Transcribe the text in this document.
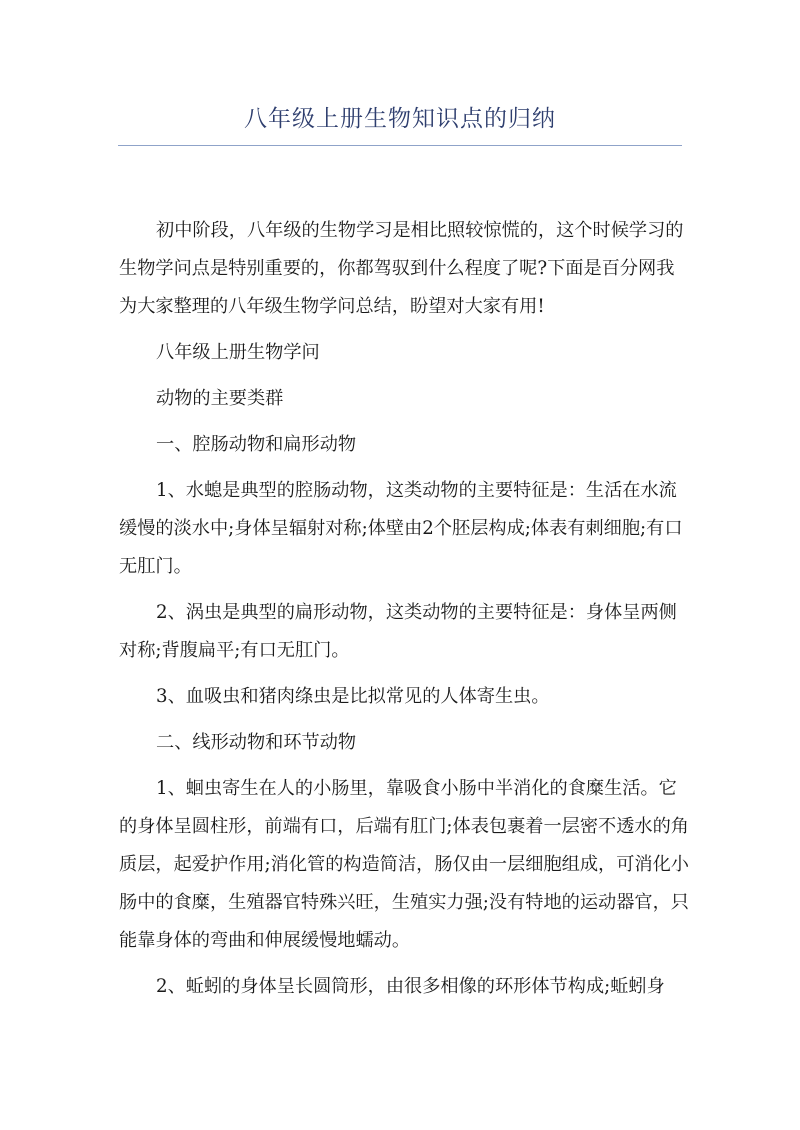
八年级上册生物知识点的归纳

初中阶段，八年级的生物学习是相比照较惊慌的，这个时候学习的生物学问点是特别重要的，你都驾驭到什么程度了呢?下面是百分网我为大家整理的八年级生物学问总结，盼望对大家有用!

八年级上册生物学问

动物的主要类群

一、腔肠动物和扁形动物

1、水螅是典型的腔肠动物，这类动物的主要特征是：生活在水流缓慢的淡水中;身体呈辐射对称;体壁由2个胚层构成;体表有刺细胞;有口无肛门。

2、涡虫是典型的扁形动物，这类动物的主要特征是：身体呈两侧对称;背腹扁平;有口无肛门。

3、血吸虫和猪肉绦虫是比拟常见的人体寄生虫。

二、线形动物和环节动物

1、蛔虫寄生在人的小肠里，靠吸食小肠中半消化的食糜生活。它的身体呈圆柱形，前端有口，后端有肛门;体表包裹着一层密不透水的角质层，起爱护作用;消化管的构造简洁，肠仅由一层细胞组成，可消化小肠中的食糜，生殖器官特殊兴旺，生殖实力强;没有特地的运动器官，只能靠身体的弯曲和伸展缓慢地蠕动。

2、蚯蚓的身体呈长圆筒形，由很多相像的环形体节构成;蚯蚓身
